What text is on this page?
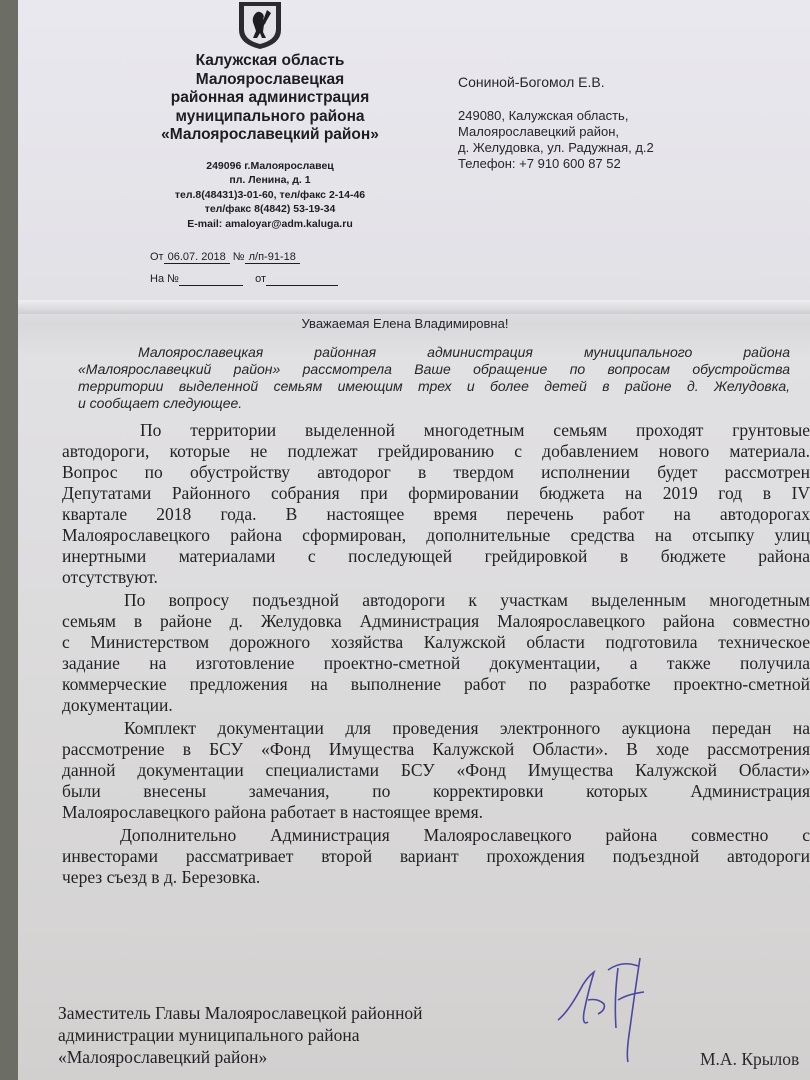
Калужская область
Малоярославецкая
районная администрация
муниципального района
«Малоярославецкий район»
249096 г.Малоярославец
пл. Ленина, д. 1
тел.8(48431)3-01-60, тел/факс 2-14-46
тел/факс 8(4842) 53-19-34
E-mail: amaloyar@adm.kaluga.ru
От 06.07. 2018 № л/п-91-18
На №	от
Сониной-Богомол Е.В.
249080, Калужская область,
Малоярославецкий район,
д. Желудовка, ул. Радужная, д.2
Телефон: +7 910 600 87 52
Уважаемая Елена Владимировна!

Малоярославецкая районная администрация муниципального района

«Малоярославецкий район» рассмотрела Ваше обращение по вопросам обустройства

территории выделенной семьям имеющим трех и более детей в районе д. Желудовка,

и сообщает следующее.

По территории выделенной многодетным семьям проходят грунтовые
автодороги, которые не подлежат грейдированию с добавлением нового материала.
Вопрос по обустройству автодорог в твердом исполнении будет рассмотрен
Депутатами Районного собрания при формировании бюджета на 2019 год в IV
квартале 2018 года. В настоящее время перечень работ на автодорогах
Малоярославецкого района сформирован, дополнительные средства на отсыпку улиц
инертными материалами с последующей грейдировкой в бюджете района
отсутствуют.

По вопросу подъездной автодороги к участкам выделенным многодетным
семьям в районе д. Желудовка Администрация Малоярославецкого района совместно
с Министерством дорожного хозяйства Калужской области подготовила техническое
задание на изготовление проектно-сметной документации, а также получила
коммерческие предложения на выполнение работ по разработке проектно-сметной
документации.

Комплект документации для проведения электронного аукциона передан на
рассмотрение в БСУ «Фонд Имущества Калужской Области». В ходе рассмотрения
данной документации специалистами БСУ «Фонд Имущества Калужской Области»
были внесены замечания, по корректировки которых Администрация
Малоярославецкого района работает в настоящее время.

Дополнительно Администрация Малоярославецкого района совместно с
инвесторами рассматривает второй вариант прохождения подъездной автодороги
через съезд в д. Березовка.

Заместитель Главы Малоярославецкой районной
администрации муниципального района
«Малоярославецкий район»	М.А. Крылов
